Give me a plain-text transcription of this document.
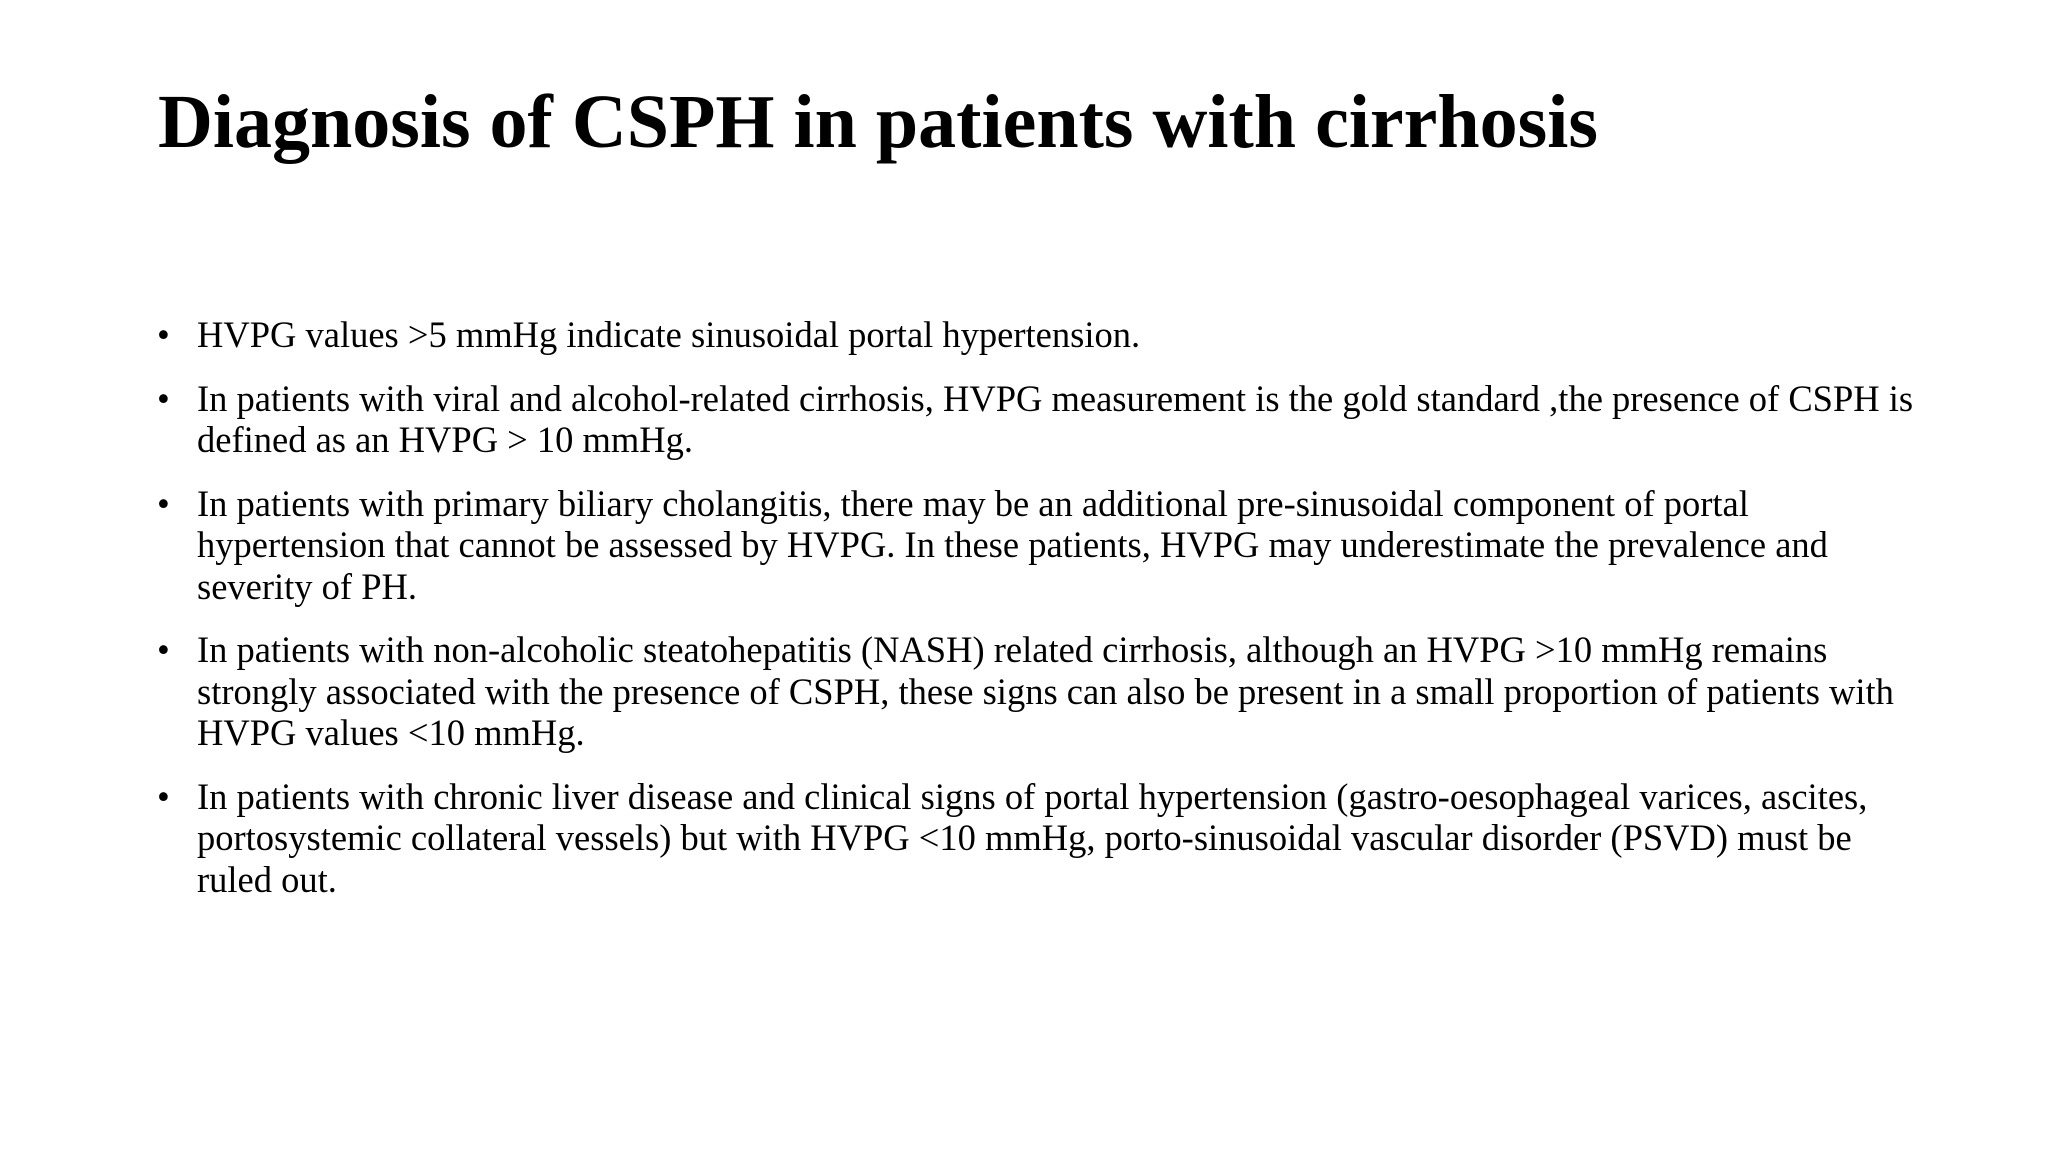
Diagnosis of CSPH in patients with cirrhosis
• HVPG values >5 mmHg indicate sinusoidal portal hypertension.
• In patients with viral and alcohol-related cirrhosis, HVPG measurement is the gold standard ,the presence of CSPH is defined as an HVPG > 10 mmHg.
• In patients with primary biliary cholangitis, there may be an additional pre-sinusoidal component of portal hypertension that cannot be assessed by HVPG. In these patients, HVPG may underestimate the prevalence and severity of PH.
• In patients with non-alcoholic steatohepatitis (NASH) related cirrhosis, although an HVPG >10 mmHg remains strongly associated with the presence of CSPH, these signs can also be present in a small proportion of patients with HVPG values <10 mmHg.
• In patients with chronic liver disease and clinical signs of portal hypertension (gastro-oesophageal varices, ascites, portosystemic collateral vessels) but with HVPG <10 mmHg, porto-sinusoidal vascular disorder (PSVD) must be ruled out.
